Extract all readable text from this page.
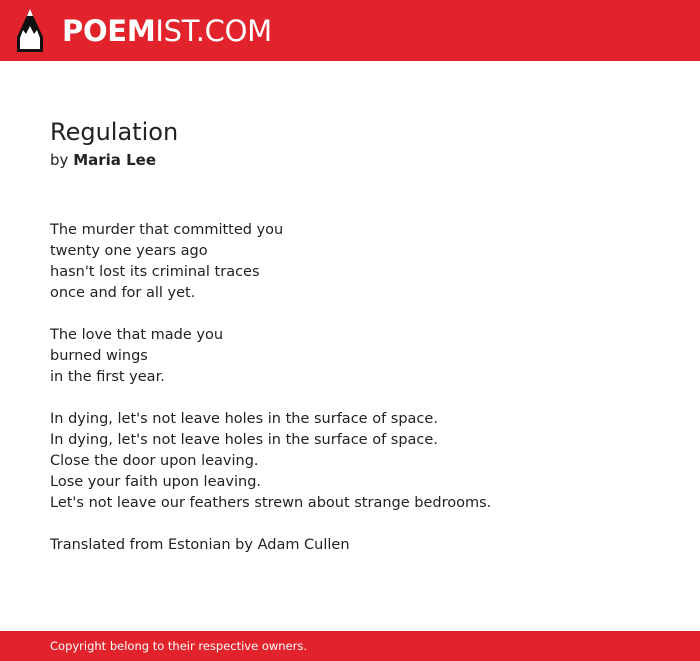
POEMIST.COM
Regulation
by Maria Lee
The murder that committed you
twenty one years ago
hasn't lost its criminal traces
once and for all yet.
The love that made you
burned wings
in the first year.
In dying, let's not leave holes in the surface of space.
In dying, let's not leave holes in the surface of space.
Close the door upon leaving.
Lose your faith upon leaving.
Let's not leave our feathers strewn about strange bedrooms.
Translated from Estonian by Adam Cullen
Copyright belong to their respective owners.
